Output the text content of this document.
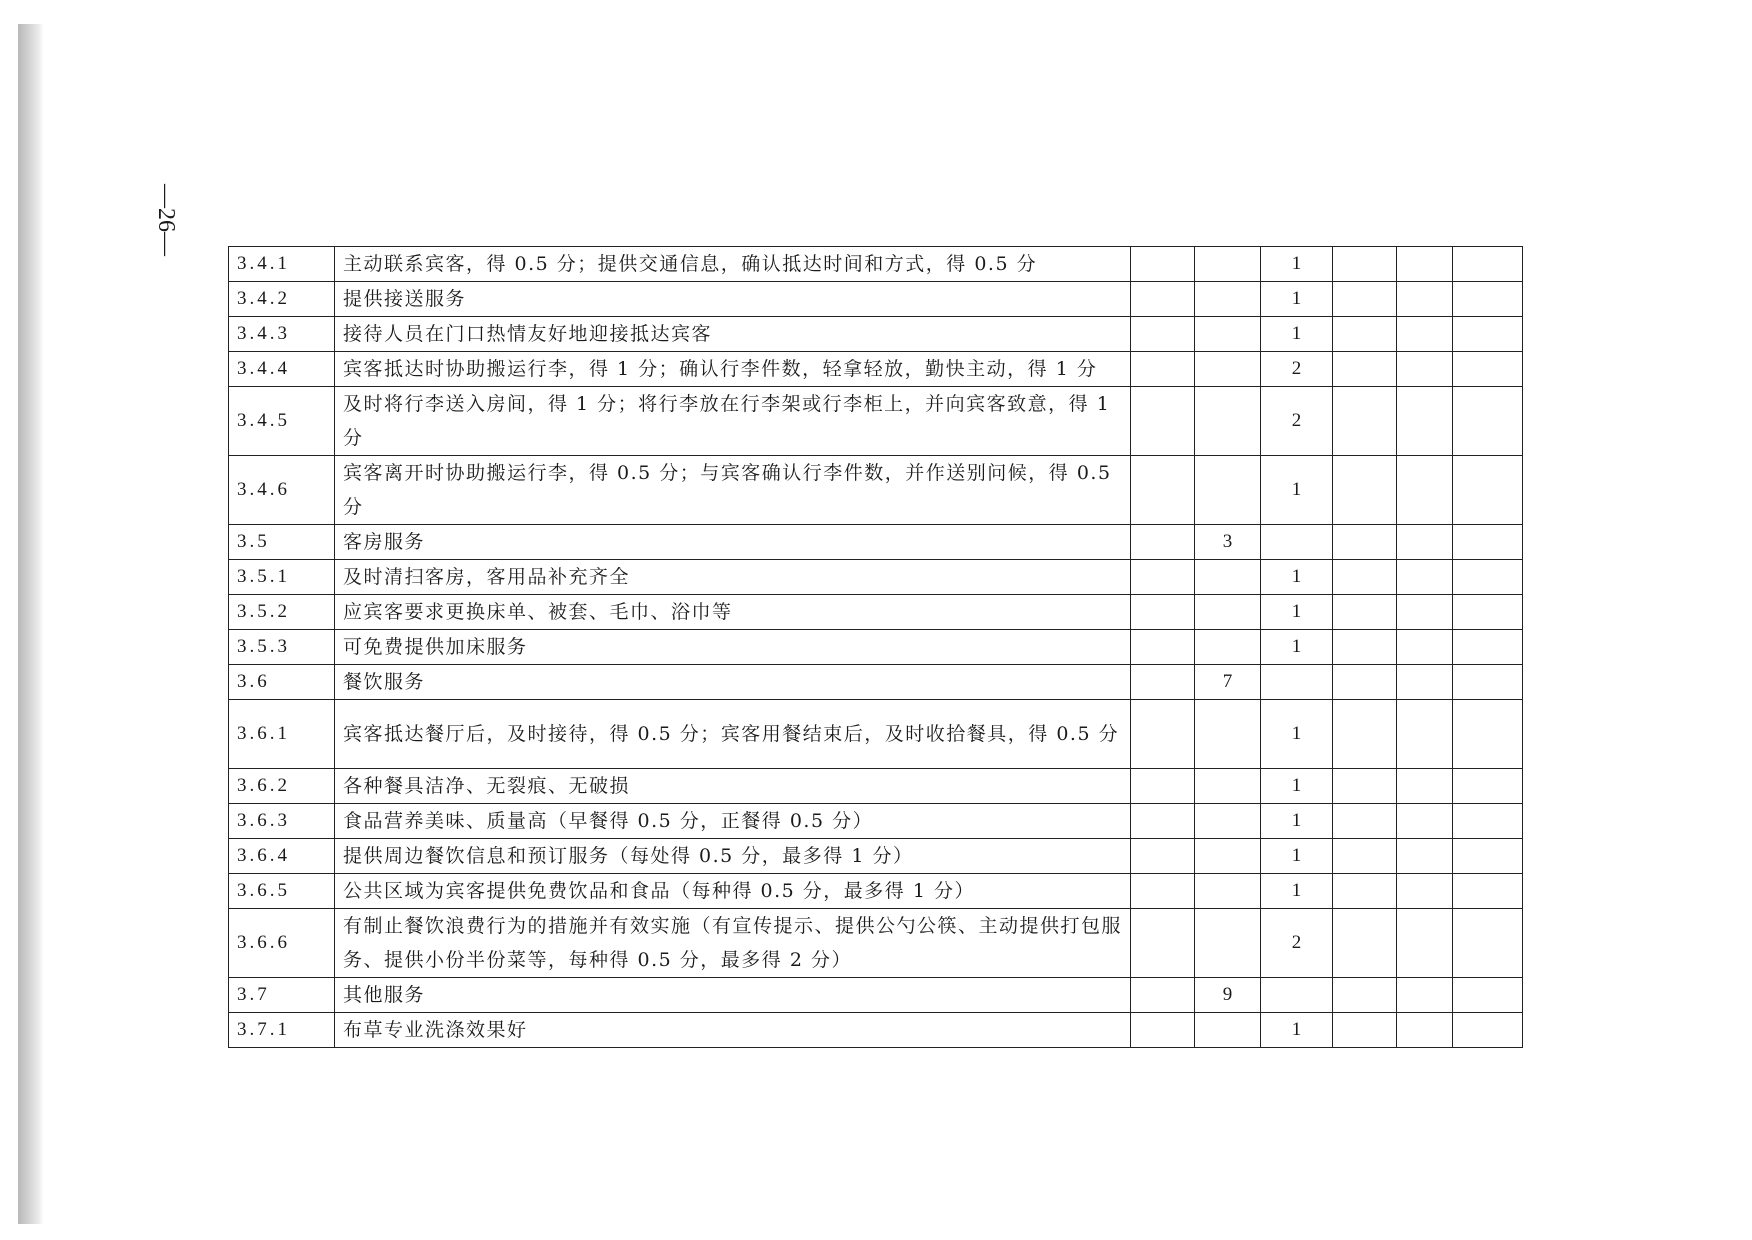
—26—
3.4.1	主动联系宾客，得 0.5 分；提供交通信息，确认抵达时间和方式，得 0.5 分			1			
3.4.2	提供接送服务			1			
3.4.3	接待人员在门口热情友好地迎接抵达宾客			1			
3.4.4	宾客抵达时协助搬运行李，得 1 分；确认行李件数，轻拿轻放，勤快主动，得 1 分			2			
3.4.5	及时将行李送入房间，得 1 分；将行李放在行李架或行李柜上，并向宾客致意，得 1 分			2			
3.4.6	宾客离开时协助搬运行李，得 0.5 分；与宾客确认行李件数，并作送别问候，得 0.5 分			1			
3.5	客房服务		3				
3.5.1	及时清扫客房，客用品补充齐全			1			
3.5.2	应宾客要求更换床单、被套、毛巾、浴巾等			1			
3.5.3	可免费提供加床服务			1			
3.6	餐饮服务		7				
3.6.1	宾客抵达餐厅后，及时接待，得 0.5 分；宾客用餐结束后，及时收拾餐具，得 0.5 分			1			
3.6.2	各种餐具洁净、无裂痕、无破损			1			
3.6.3	食品营养美味、质量高（早餐得 0.5 分，正餐得 0.5 分）			1			
3.6.4	提供周边餐饮信息和预订服务（每处得 0.5 分，最多得 1 分）			1			
3.6.5	公共区域为宾客提供免费饮品和食品（每种得 0.5 分，最多得 1 分）			1			
3.6.6	有制止餐饮浪费行为的措施并有效实施（有宣传提示、提供公勺公筷、主动提供打包服务、提供小份半份菜等，每种得 0.5 分，最多得 2 分）			2			
3.7	其他服务		9				
3.7.1	布草专业洗涤效果好			1			
